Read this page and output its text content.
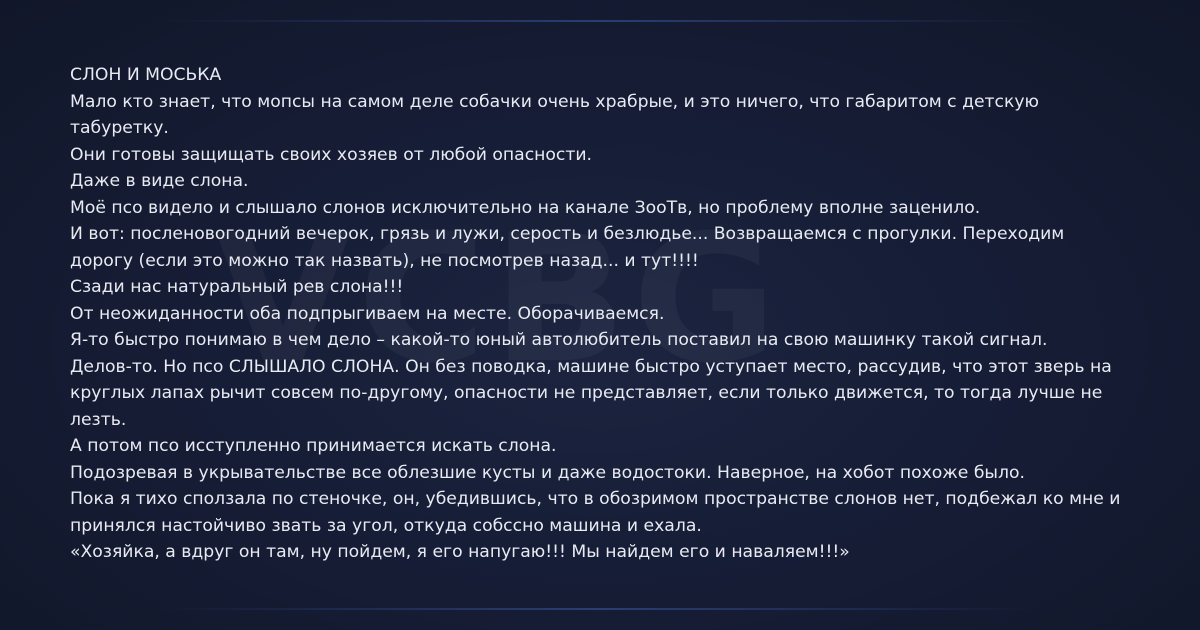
СЛОН И МОСЬКА

Мало кто знает, что мопсы на самом деле собачки очень храбрые, и это ничего, что габаритом с детскую табуретку.

Они готовы защищать своих хозяев от любой опасности.

Даже в виде слона.

Моё псо видело и слышало слонов исключительно на канале ЗооТв, но проблему вполне заценило.

И вот: посленовогодний вечерок, грязь и лужи, серость и безлюдье... Возвращаемся с прогулки. Переходим дорогу (если это можно так назвать), не посмотрев назад... и тут!!!!

Сзади нас натуральный рев слона!!!

От неожиданности оба подпрыгиваем на месте. Оборачиваемся.

Я-то быстро понимаю в чем дело – какой-то юный автолюбитель поставил на свою машинку такой сигнал.

Делов-то. Но псо СЛЫШАЛО СЛОНА. Он без поводка, машине быстро уступает место, рассудив, что этот зверь на круглых лапах рычит совсем по-другому, опасности не представляет, если только движется, то тогда лучше не лезть.

А потом псо исступленно принимается искать слона.

Подозревая в укрывательстве все облезшие кусты и даже водостоки. Наверное, на хобот похоже было.

Пока я тихо сползала по стеночке, он, убедившись, что в обозримом пространстве слонов нет, подбежал ко мне и принялся настойчиво звать за угол, откуда собссно машина и ехала.

«Хозяйка, а вдруг он там, ну пойдем, я его напугаю!!! Мы найдем его и наваляем!!!»
